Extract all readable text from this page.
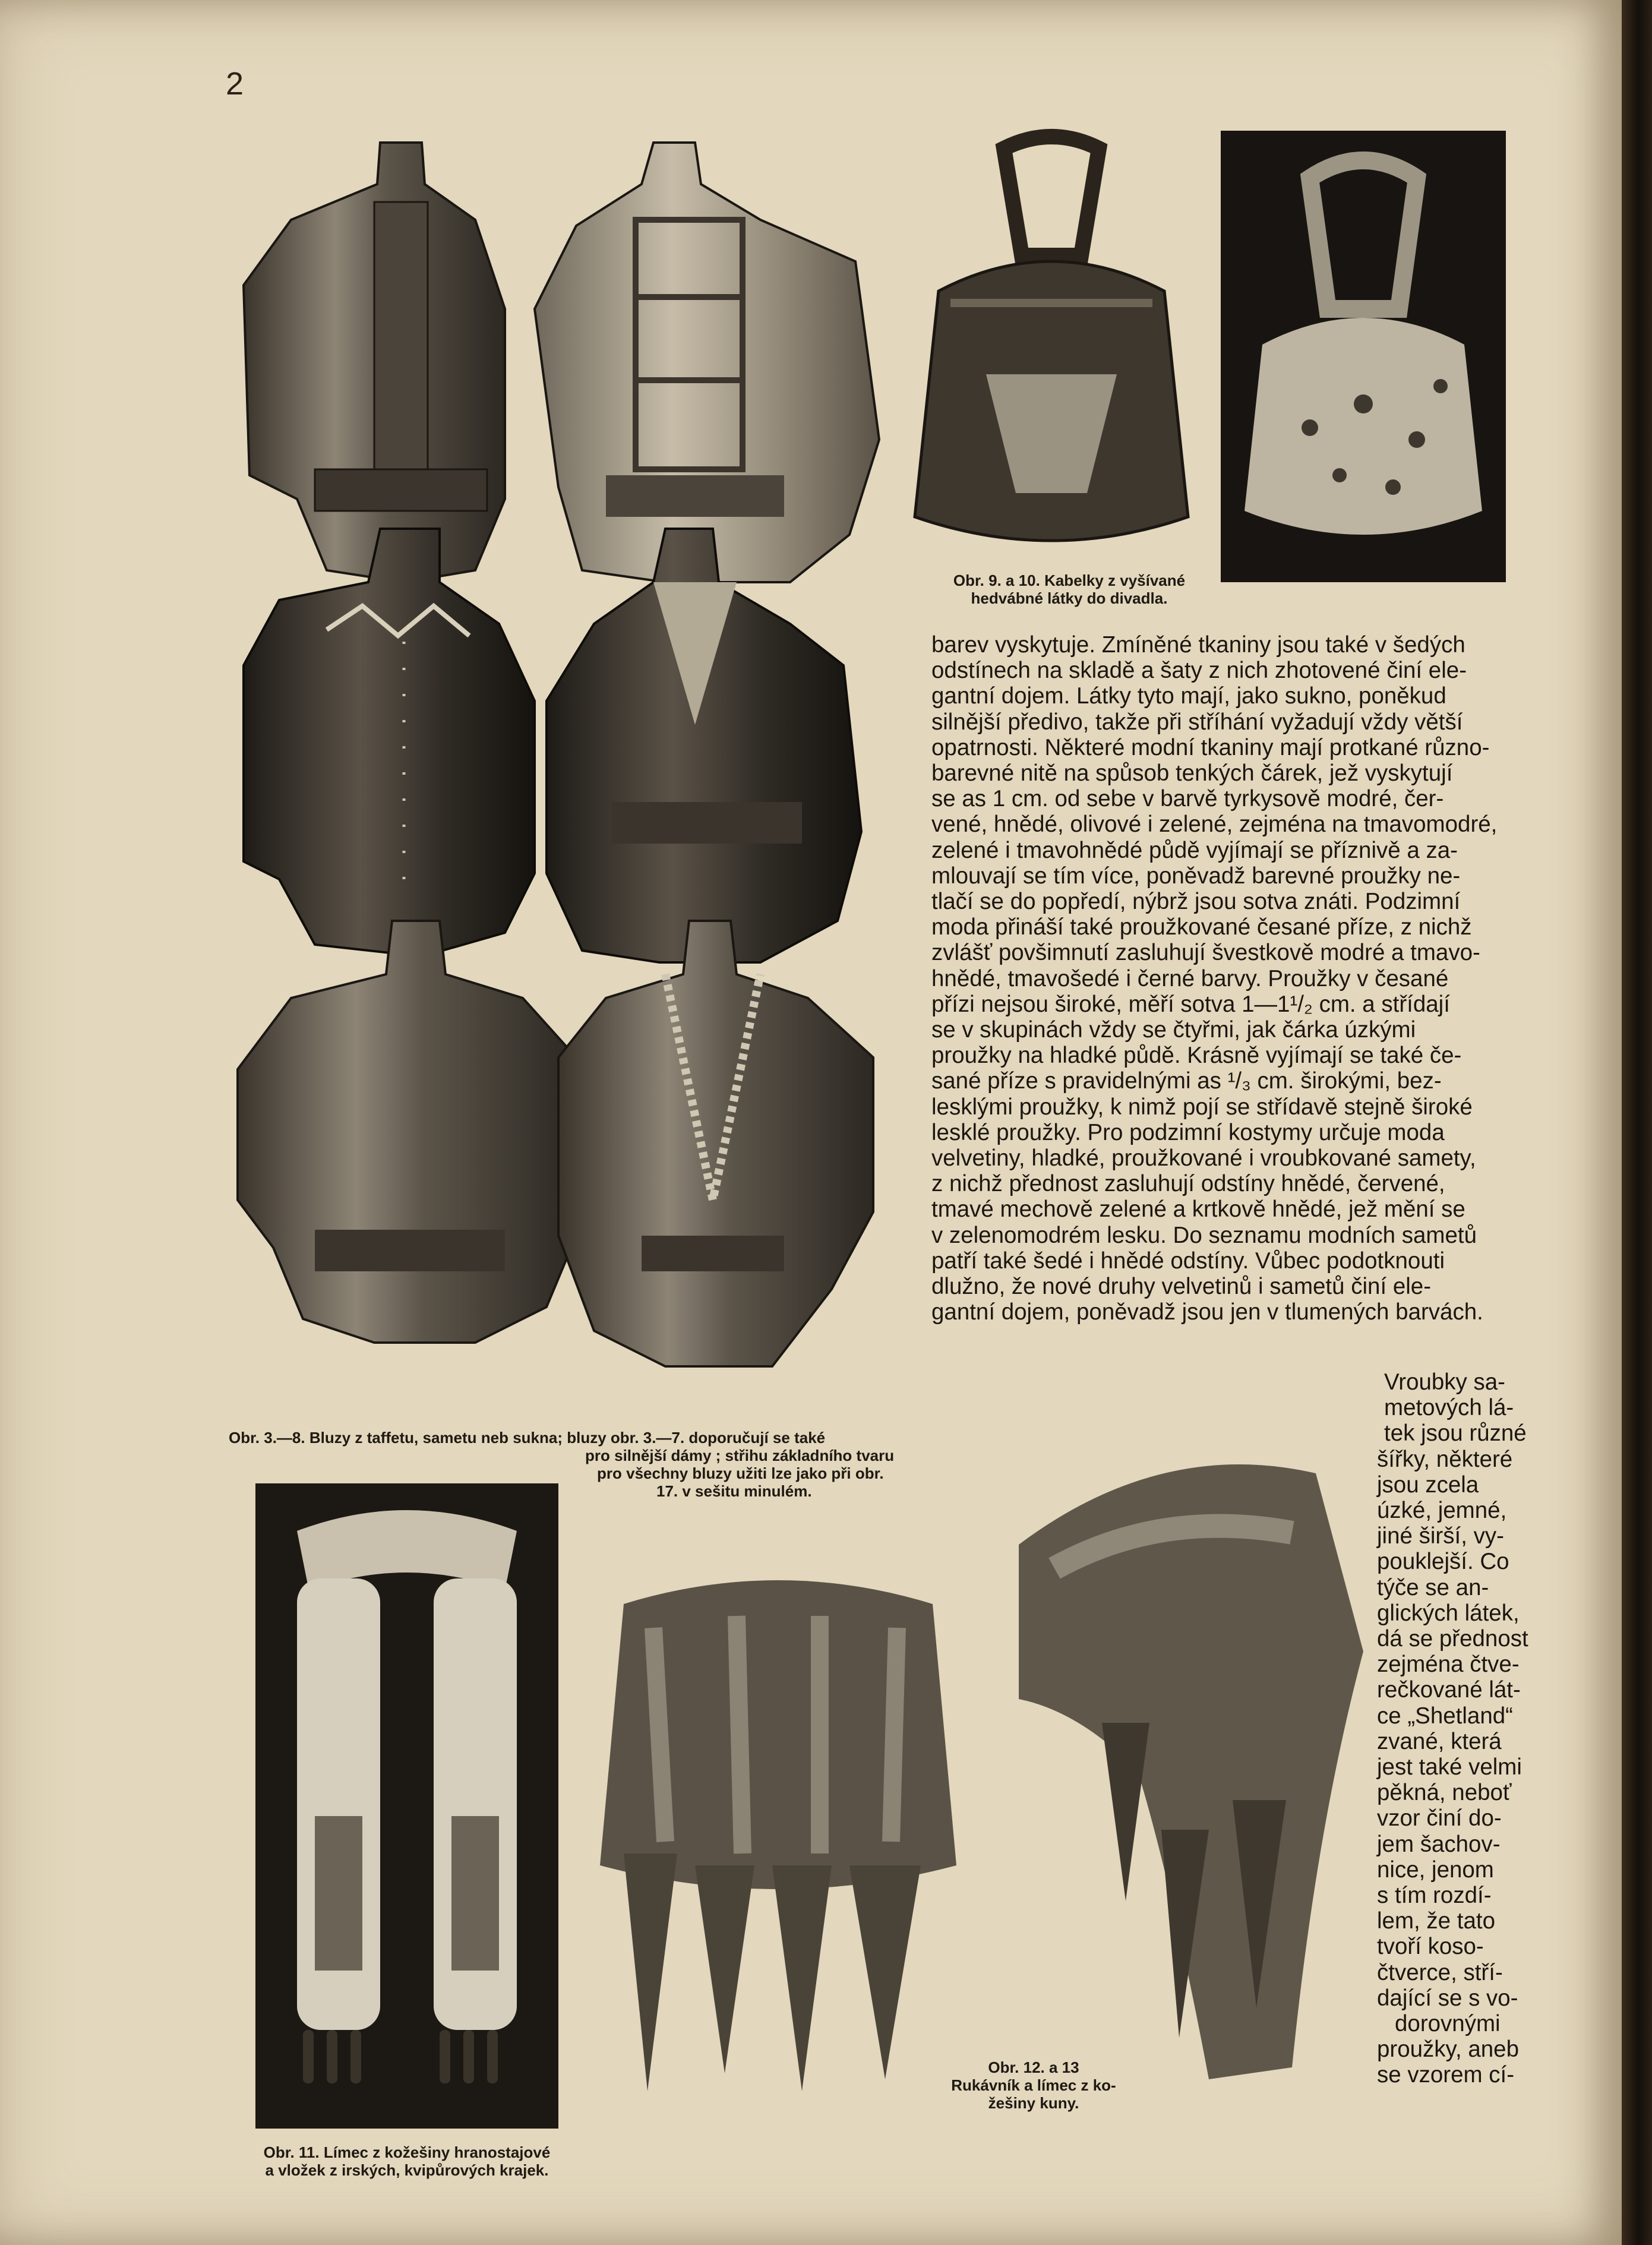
2
Obr. 9. a 10. Kabelky z vyšívané
hedvábné látky do divadla.
Obr. 3.—8. Bluzy z taffetu, sametu neb sukna; bluzy obr. 3.—7. doporučují se také
pro silnější dámy ; střihu základního tvaru
pro všechny bluzy užiti lze jako při obr.
17. v sešitu minulém.
barev vyskytuje. Zmíněné tkaniny jsou také v šedých
odstínech na skladě a šaty z nich zhotovené činí ele-
gantní dojem. Látky tyto mají, jako sukno, poněkud
silnější předivo, takže při stříhání vyžadují vždy větší
opatrnosti. Některé modní tkaniny mají protkané různo-
barevné nitě na spůsob tenkých čárek, jež vyskytují
se as 1 cm. od sebe v barvě tyrkysově modré, čer-
vené, hnědé, olivové i zelené, zejména na tmavomodré,
zelené i tmavohnědé půdě vyjímají se příznivě a za-
mlouvají se tím více, poněvadž barevné proužky ne-
tlačí se do popředí, nýbrž jsou sotva znáti. Podzimní
moda přináší také proužkované česané příze, z nichž
zvlášť povšimnutí zasluhují švestkově modré a tmavo-
hnědé, tmavošedé i černé barvy. Proužky v česané
přízi nejsou široké, měří sotva 1—1¹/₂ cm. a střídají
se v skupinách vždy se čtyřmi, jak čárka úzkými
proužky na hladké půdě. Krásně vyjímají se také če-
sané příze s pravidelnými as ¹/₃ cm. širokými, bez-
lesklými proužky, k nimž pojí se střídavě stejně široké
lesklé proužky. Pro podzimní kostymy určuje moda
velvetiny, hladké, proužkované i vroubkované samety,
z nichž přednost zasluhují odstíny hnědé, červené,
tmavé mechově zelené a krtkově hnědé, jež mění se
v zelenomodrém lesku. Do seznamu modních sametů
patří také šedé i hnědé odstíny. Vůbec podotknouti
dlužno, že nové druhy velvetinů i sametů činí ele-
gantní dojem, poněvadž jsou jen v tlumených barvách.
Vroubky sa-
metových lá-
tek jsou různé
šířky, některé
jsou zcela
úzké, jemné,
jiné širší, vy-
pouklejší. Co
týče se an-
glických látek,
dá se přednost
zejména čtve-
rečkované lát-
ce „Shetland“
zvané, která
jest také velmi
pěkná, neboť
vzor činí do-
jem šachov-
nice, jenom
s tím rozdí-
lem, že tato
tvoří koso-
čtverce, stří-
dající se s vo-
dorovnými
proužky, aneb
se vzorem cí-
Obr. 11. Límec z kožešiny hranostajové
a vložek z irských, kvipůrových krajek.
Obr. 12. a 13
Rukávník a límec z ko-
žešiny kuny.
